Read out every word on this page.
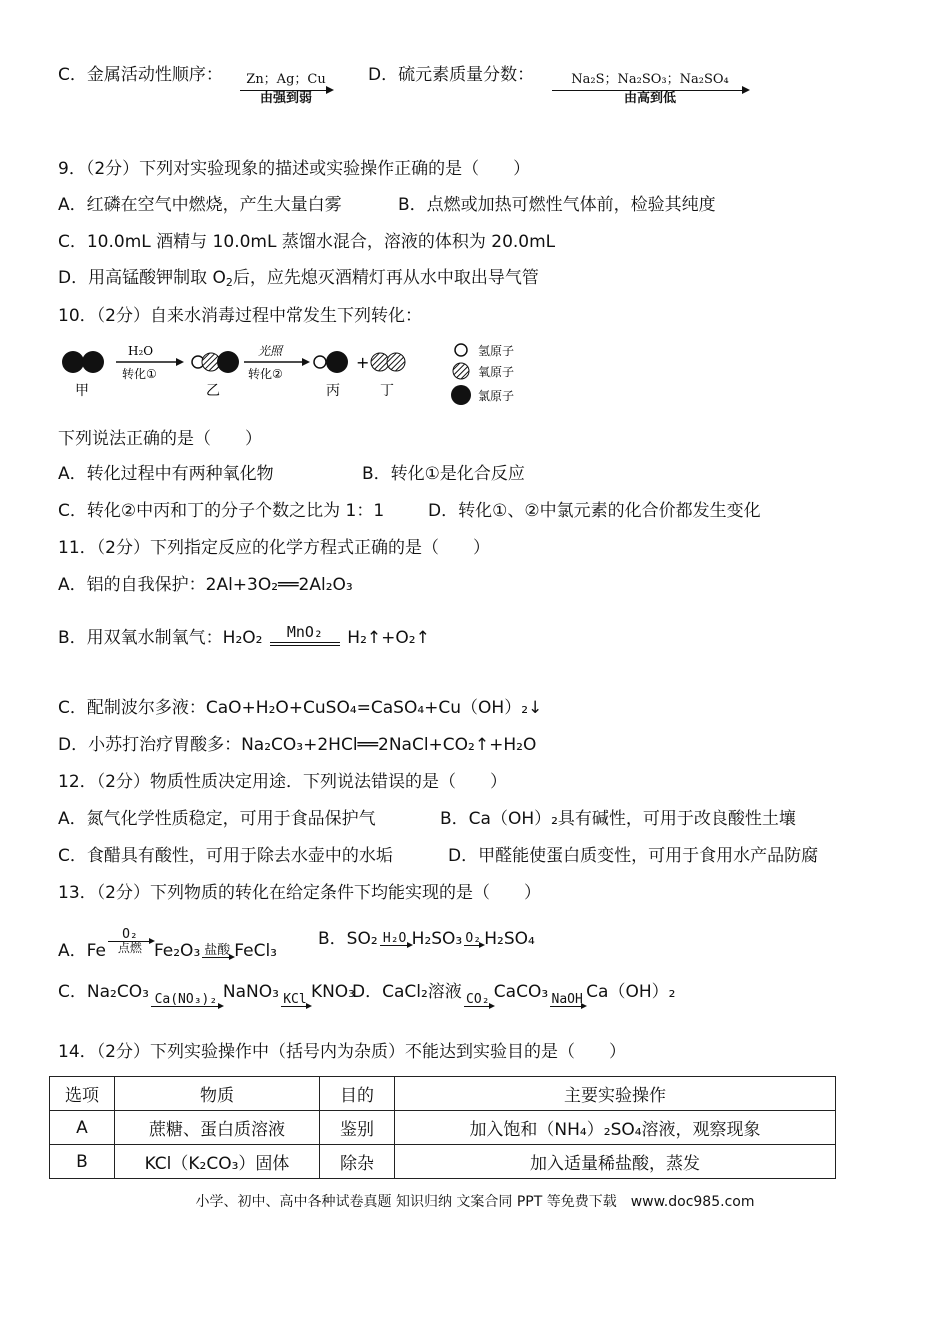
C．金属活动性顺序：	Zn；Ag；Cu
由强到弱
D．硫元素质量分数：	Na₂S；Na₂SO₃；Na₂SO₄
由高到低
9．（2分）下列对实验现象的描述或实验操作正确的是（　　）
A．红磷在空气中燃烧，产生大量白雾	B．点燃或加热可燃性气体前，检验其纯度
C．10.0mL 酒精与 10.0mL 蒸馏水混合，溶液的体积为 20.0mL
D．用高锰酸钾制取 $O_2$后，应先熄灭酒精灯再从水中取出导气管
10．（2分）自来水消毒过程中常发生下列转化：
甲
H₂O
转化①
乙
光照
转化②
丙
+
丁
氢原子
氧原子
氯原子
下列说法正确的是（　　）
A．转化过程中有两种氧化物	B．转化①是化合反应
C．转化②中丙和丁的分子个数之比为 1：1	D．转化①、②中氯元素的化合价都发生变化
11．（2分）下列指定反应的化学方程式正确的是（　　）
A．铝的自我保护：2Al+3O₂══2Al₂O₃
B．用双氧水制氧气：H₂O₂	MnO₂	H₂↑+O₂↑
C．配制波尔多液：CaO+H₂O+CuSO₄=CaSO₄+Cu（OH）₂↓
D．小苏打治疗胃酸多：Na₂CO₃+2HCl══2NaCl+CO₂↑+H₂O
12．（2分）物质性质决定用途．下列说法错误的是（　　）
A．氮气化学性质稳定，可用于食品保护气	B．Ca（OH）₂具有碱性，可用于改良酸性土壤
C．食醋具有酸性，可用于除去水壶中的水垢	D．甲醛能使蛋白质变性，可用于食用水产品防腐
13．（2分）下列物质的转化在给定条件下均能实现的是（　　）
A．Fe
O₂
点燃 Fe₂O₃ 盐酸 FeCl₃
B．SO₂ H₂O H₂SO₃ O₂ H₂SO₄
C．Na₂CO₃ Ca(NO₃)₂ NaNO₃ KCl KNO₃
D．CaCl₂溶液 CO₂ CaCO₃ NaOH Ca（OH）₂
14．（2分）下列实验操作中（括号内为杂质）不能达到实验目的是（　　）
选项	物质	目的	主要实验操作
A	蔗糖、蛋白质溶液	鉴别	加入饱和（NH₄）₂SO₄溶液，观察现象
B	KCl（K₂CO₃）固体	除杂	加入适量稀盐酸，蒸发
小学、初中、高中各种试卷真题 知识归纳 文案合同 PPT 等免费下载　www.doc985.com
